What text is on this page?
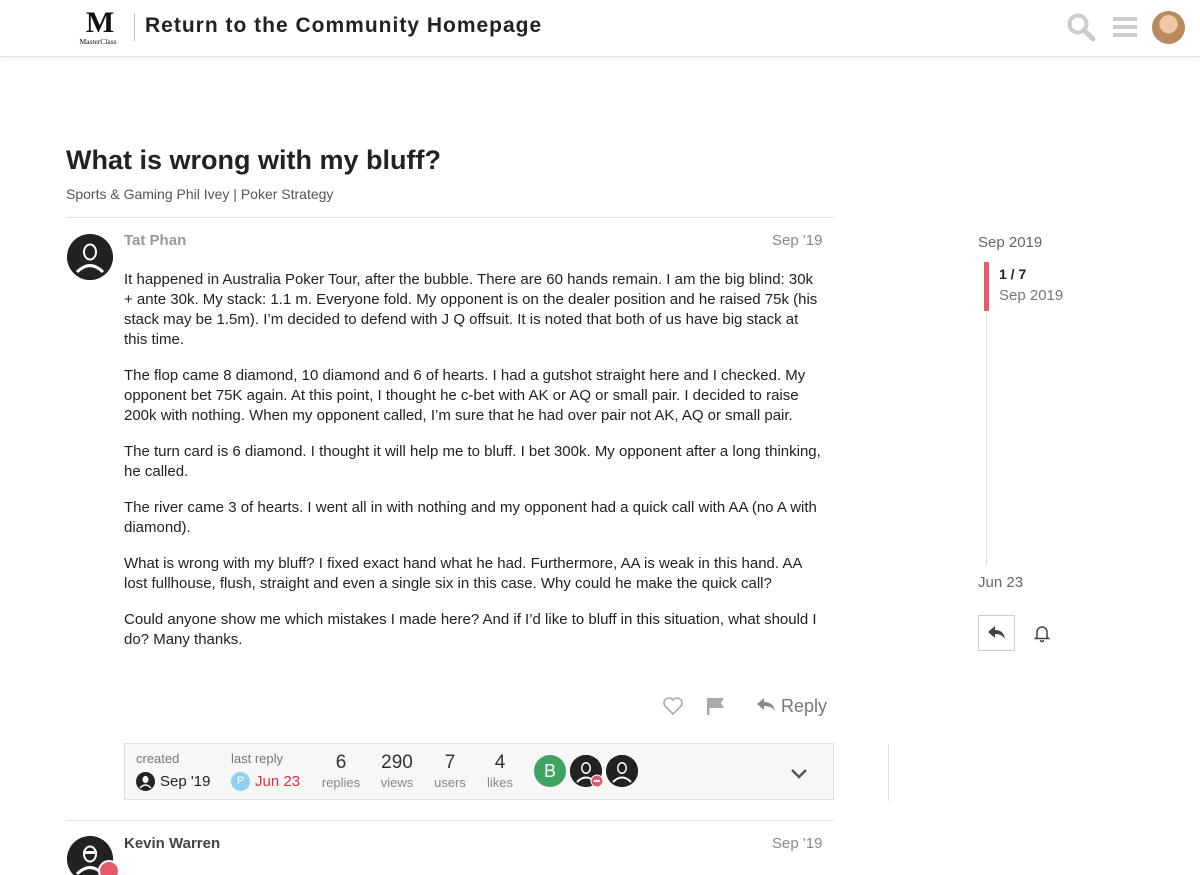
M
MasterClass
Return to the Community Homepage
What is wrong with my bluff?
Sports & Gaming Phil Ivey | Poker Strategy
Tat Phan	Sep '19

It happened in Australia Poker Tour, after the bubble. There are 60 hands remain. I am the big blind: 30k + ante 30k. My stack: 1.1 m. Everyone fold. My opponent is on the dealer position and he raised 75k (his stack may be 1.5m). I’m decided to defend with J Q offsuit. It is noted that both of us have big stack at this time.

The flop came 8 diamond, 10 diamond and 6 of hearts. I had a gutshot straight here and I checked. My opponent bet 75K again. At this point, I thought he c-bet with AK or AQ or small pair. I decided to raise 200k with nothing. When my opponent called, I’m sure that he had over pair not AK, AQ or small pair.

The turn card is 6 diamond. I thought it will help me to bluff. I bet 300k. My opponent after a long thinking, he called.

The river came 3 of hearts. I went all in with nothing and my opponent had a quick call with AA (no A with diamond).

What is wrong with my bluff? I fixed exact hand what he had. Furthermore, AA is weak in this hand. AA lost fullhouse, flush, straight and even a single six in this case. Why could he make the quick call?

Could anyone show me which mistakes I made here? And if I’d like to bluff in this situation, what should I do? Many thanks.

Reply
created
Sep '19
last reply
P Jun 23
6
replies
290
views
7
users
4
likes
B
Kevin Warren	Sep '19
Sep 2019
1 / 7
Sep 2019
Jun 23
